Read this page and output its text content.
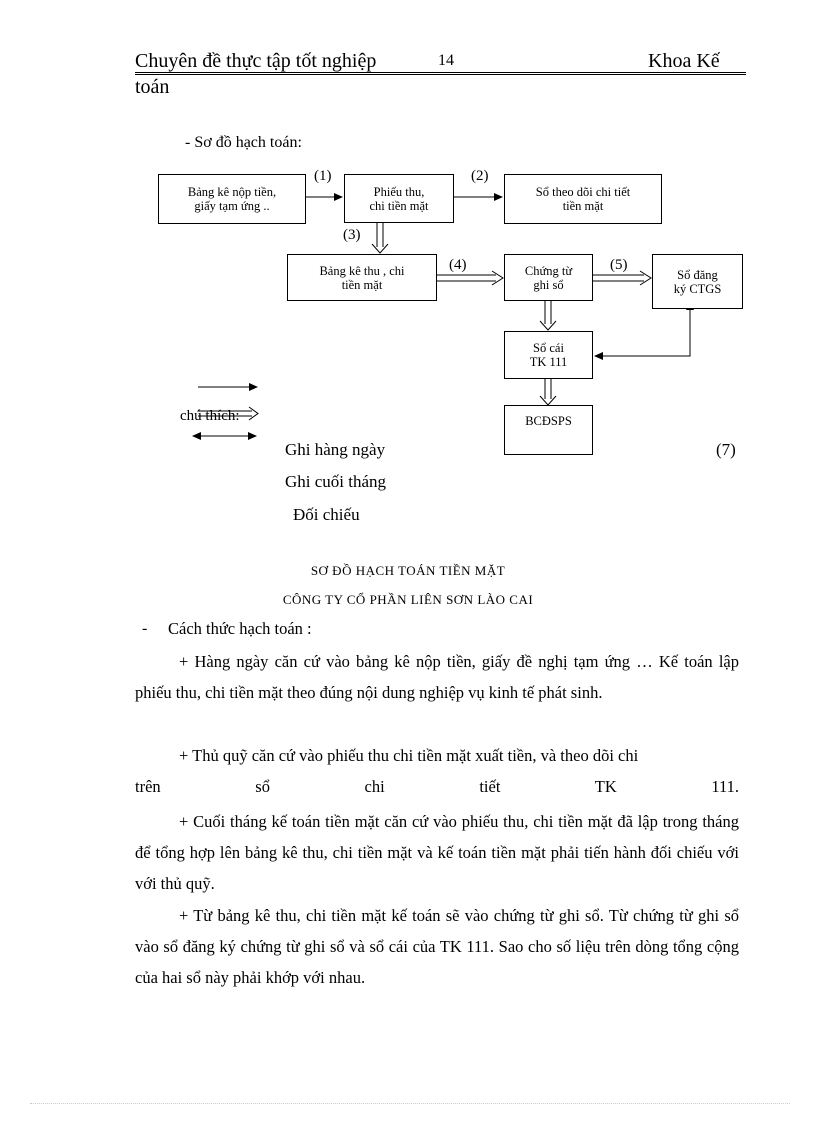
Chuyên đề thực tập tốt nghiệp	14	Khoa Kế
toán
- Sơ đồ hạch toán:
Bảng kê nộp tiền,
giấy tạm ứng ..
Phiếu thu,
chi tiền mặt
Sổ theo dõi chi tiết
tiền mặt
Bảng kê thu , chi
tiền mặt
Chứng từ
ghi sổ
Sổ đăng
ký CTGS
Sổ cái
TK 111
BCĐSPS
(1)	(2)
(3)
(4)	(5)
(7)
chú thích:
Ghi hàng ngày
Ghi cuối tháng
Đối chiếu
SƠ ĐỒ HẠCH TOÁN TIỀN MẶT
CÔNG TY CỔ PHẦN LIÊN SƠN LÀO CAI
- Cách thức hạch toán :

+ Hàng ngày căn cứ vào bảng kê nộp tiền, giấy đề nghị tạm ứng … Kế toán lập phiếu thu, chi tiền mặt theo đúng nội dung nghiệp vụ kinh tế phát sinh.

+ Thủ quỹ căn cứ vào phiếu thu chi tiền mặt xuất tiền, và theo dõi chi

trên sổ chi tiết TK 111.

+ Cuối tháng kế toán tiền mặt căn cứ vào phiếu thu, chi tiền mặt đã lập trong tháng để tổng hợp lên bảng kê thu, chi tiền mặt và kế toán tiền mặt phải tiến hành đối chiếu với với thủ quỹ.

+ Từ bảng kê thu, chi tiền mặt kế toán sẽ vào chứng từ ghi sổ. Từ chứng từ ghi sổ vào sổ đăng ký chứng từ ghi sổ và sổ cái của TK 111. Sao cho số liệu trên dòng tổng cộng của hai sổ này phải khớp với nhau.
